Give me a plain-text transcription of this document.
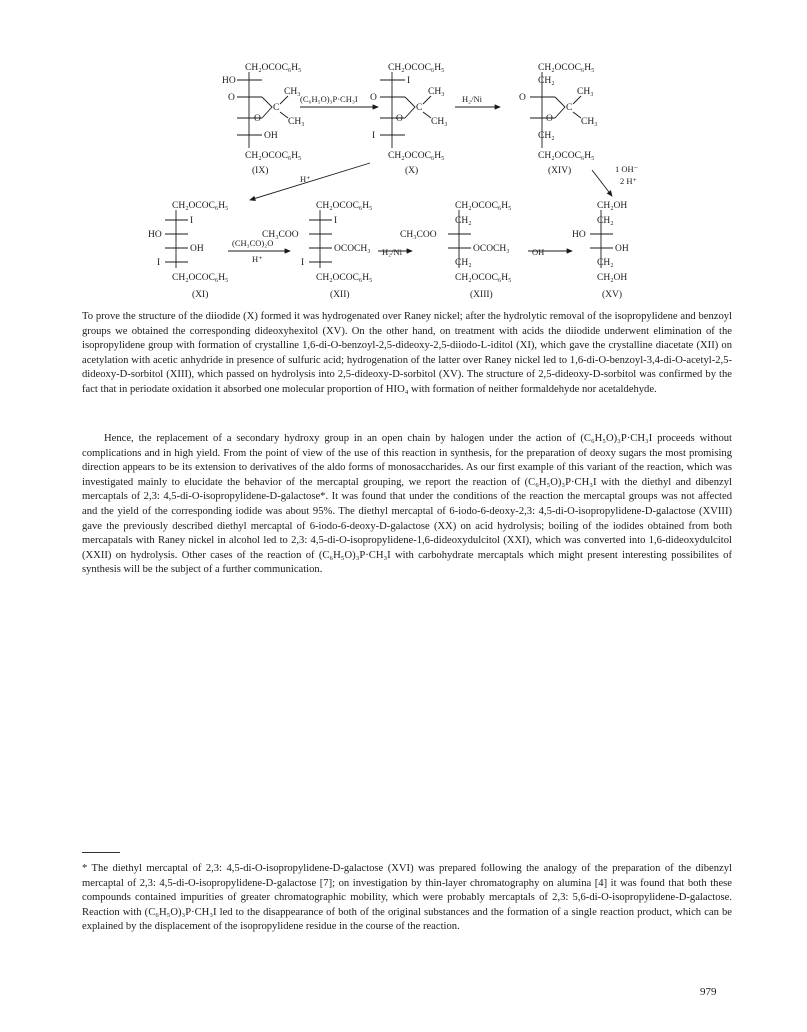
CH₂OCOC₆H₅
HO
O
O
OH
C
CH₃
CH₃
CH₂OCOC₆H₅
(IX)
(C₆H₅O)₃P·CH₃I
CH₂OCOC₆H₅
I
O
O
I
C
CH₃
CH₃
CH₂OCOC₆H₅
(X)
H₂/Ni
CH₂OCOC₆H₅
CH₂
O
O
CH₂
C
CH₃
CH₃
CH₂OCOC₆H₅
(XIV)
H⁺
1 OH⁻
2 H⁺
CH₂OCOC₆H₅
I
HO
OH
I
CH₂OCOC₆H₅
(XI)
(CH₃CO)₂O
H⁺
CH₂OCOC₆H₅
I
CH₃COO
OCOCH₃
I
CH₂OCOC₆H₅
(XII)
H₂/Ni
CH₂OCOC₆H₅
CH₂
CH₃COO
OCOCH₃
CH₂
CH₂OCOC₆H₅
(XIII)
OH⁻
CH₂OH
CH₂
HO
OH
CH₂
CH₂OH
(XV)

To prove the structure of the diiodide (X) formed it was hydrogenated over Raney nickel; after the hydrolytic removal of the isopropylidene and benzoyl groups we obtained the corresponding dideoxyhexitol (XV). On the other hand, on treatment with acids the diiodide underwent elimination of the isopropylidene group with formation of crystalline 1,6-di-O-benzoyl-2,5-dideoxy-2,5-diiodo-L-iditol (XI), which gave the crystalline diacetate (XII) on acetylation with acetic anhydride in presence of sulfuric acid; hydrogenation of the latter over Raney nickel led to 1,6-di-O-benzoyl-3,4-di-O-acetyl-2,5-dideoxy-D-sorbitol (XIII), which passed on hydrolysis into 2,5-dideoxy-D-sorbitol (XV). The structure of 2,5-dideoxy-D-sorbitol was confirmed by the fact that in periodate oxidation it absorbed one molecular proportion of HIO₄ with formation of neither formaldehyde nor acetaldehyde.

Hence, the replacement of a secondary hydroxy group in an open chain by halogen under the action of (C₆H₅O)₃P·CH₃I proceeds without complications and in high yield. From the point of view of the use of this reaction in synthesis, for the preparation of deoxy sugars the most promising direction appears to be its extension to derivatives of the aldo forms of monosaccharides. As our first example of this variant of the reaction, which was investigated mainly to elucidate the behavior of the mercaptal grouping, we report the reaction of (C₆H₅O)₃P·CH₃I with the diethyl and dibenzyl mercaptals of 2,3: 4,5-di-O-isopropylidene-D-galactose*. It was found that under the conditions of the reaction the mercaptal groups was not affected and the yield of the corresponding iodide was about 95%. The diethyl mercaptal of 6-iodo-6-deoxy-2,3: 4,5-di-O-isopropylidene-D-galactose (XVIII) gave the previously described diethyl mercaptal of 6-iodo-6-deoxy-D-galactose (XX) on acid hydrolysis; boiling of the iodides obtained from both mercapatals with Raney nickel in alcohol led to 2,3: 4,5-di-O-isopropylidene-1,6-dideoxydulcitol (XXI), which was converted into 1,6-dideoxydulcitol (XXII) on hydrolysis. Other cases of the reaction of (C₆H₅O)₃P·CH₃I with carbohydrate mercaptals which might present interesting possibilites of synthesis will be the subject of a further communication.

* The diethyl mercaptal of 2,3: 4,5-di-O-isopropylidene-D-galactose (XVI) was prepared following the analogy of the preparation of the dibenzyl mercaptal of 2,3: 4,5-di-O-isopropylidene-D-galactose [7]; on investigation by thin-layer chromatography on alumina [4] it was found that both these compounds contained impurities of greater chromatographic mobility, which were probably mercaptals of 2,3: 5,6-di-O-isopropylidene-D-galactose. Reaction with (C₆H₅O)₃P·CH₃I led to the disappearance of both of the original substances and the formation of a single reaction product, which can be explained by the displacement of the isopropylidene residue in the course of the reaction.

979
